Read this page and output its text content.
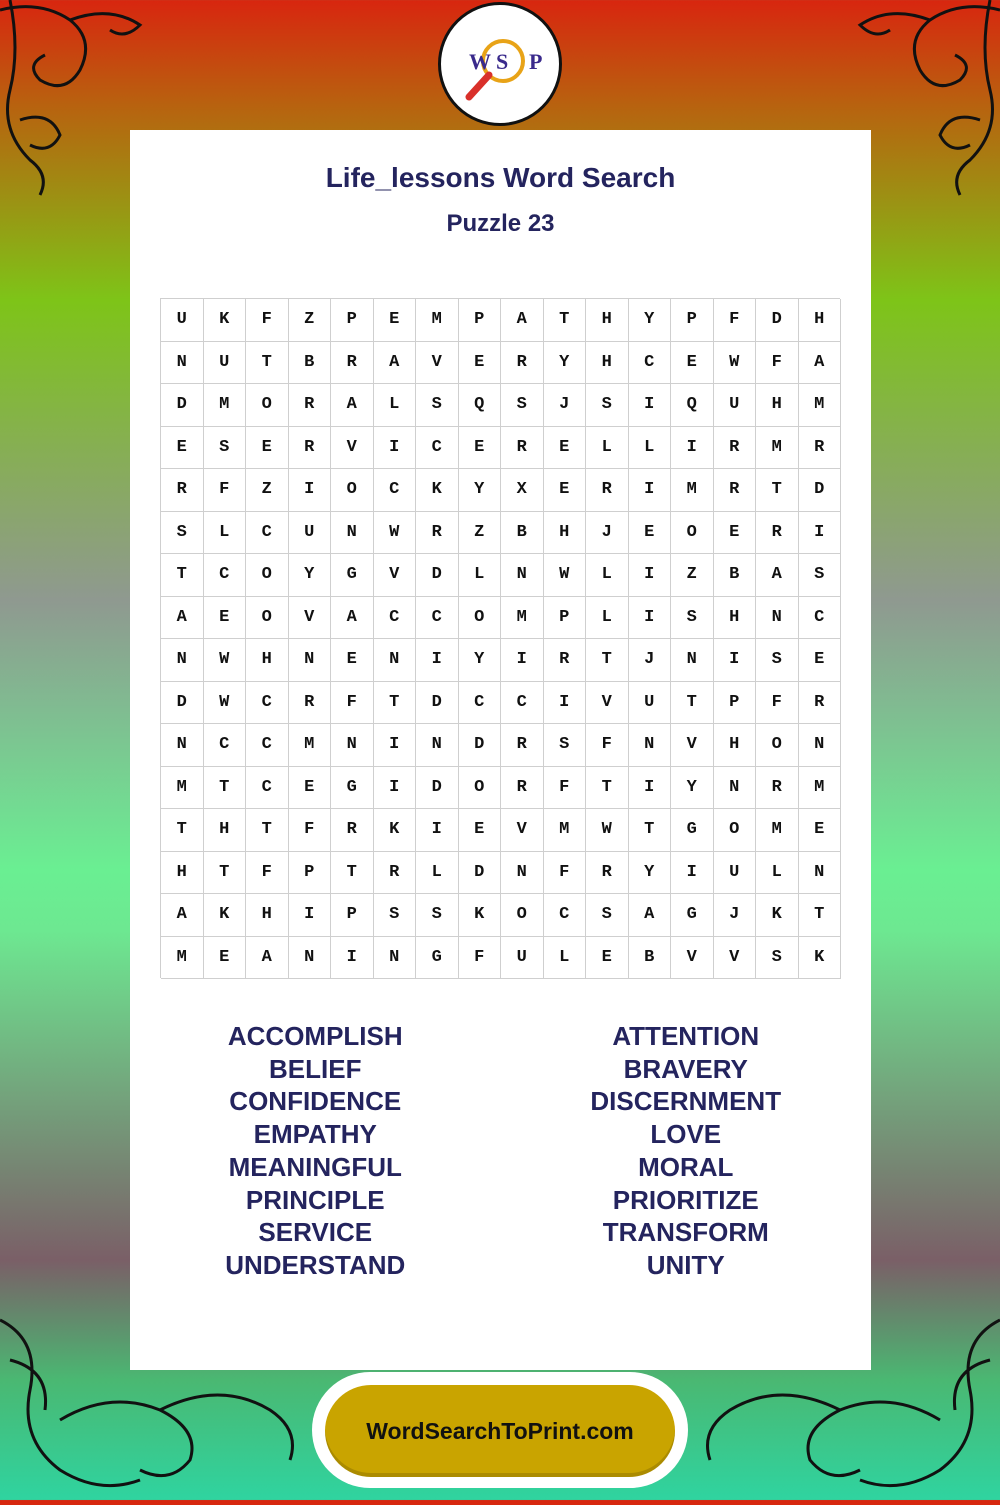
W S P
Life_lessons Word Search
Puzzle 23
U	K	F	Z	P	E	M	P	A	T	H	Y	P	F	D	H
N	U	T	B	R	A	V	E	R	Y	H	C	E	W	F	A
D	M	O	R	A	L	S	Q	S	J	S	I	Q	U	H	M
E	S	E	R	V	I	C	E	R	E	L	L	I	R	M	R
R	F	Z	I	O	C	K	Y	X	E	R	I	M	R	T	D
S	L	C	U	N	W	R	Z	B	H	J	E	O	E	R	I
T	C	O	Y	G	V	D	L	N	W	L	I	Z	B	A	S
A	E	O	V	A	C	C	O	M	P	L	I	S	H	N	C
N	W	H	N	E	N	I	Y	I	R	T	J	N	I	S	E
D	W	C	R	F	T	D	C	C	I	V	U	T	P	F	R
N	C	C	M	N	I	N	D	R	S	F	N	V	H	O	N
M	T	C	E	G	I	D	O	R	F	T	I	Y	N	R	M
T	H	T	F	R	K	I	E	V	M	W	T	G	O	M	E
H	T	F	P	T	R	L	D	N	F	R	Y	I	U	L	N
A	K	H	I	P	S	S	K	O	C	S	A	G	J	K	T
M	E	A	N	I	N	G	F	U	L	E	B	V	V	S	K
ACCOMPLISH
BELIEF
CONFIDENCE
EMPATHY
MEANINGFUL
PRINCIPLE
SERVICE
UNDERSTAND
ATTENTION
BRAVERY
DISCERNMENT
LOVE
MORAL
PRIORITIZE
TRANSFORM
UNITY
WordSearchToPrint.com
